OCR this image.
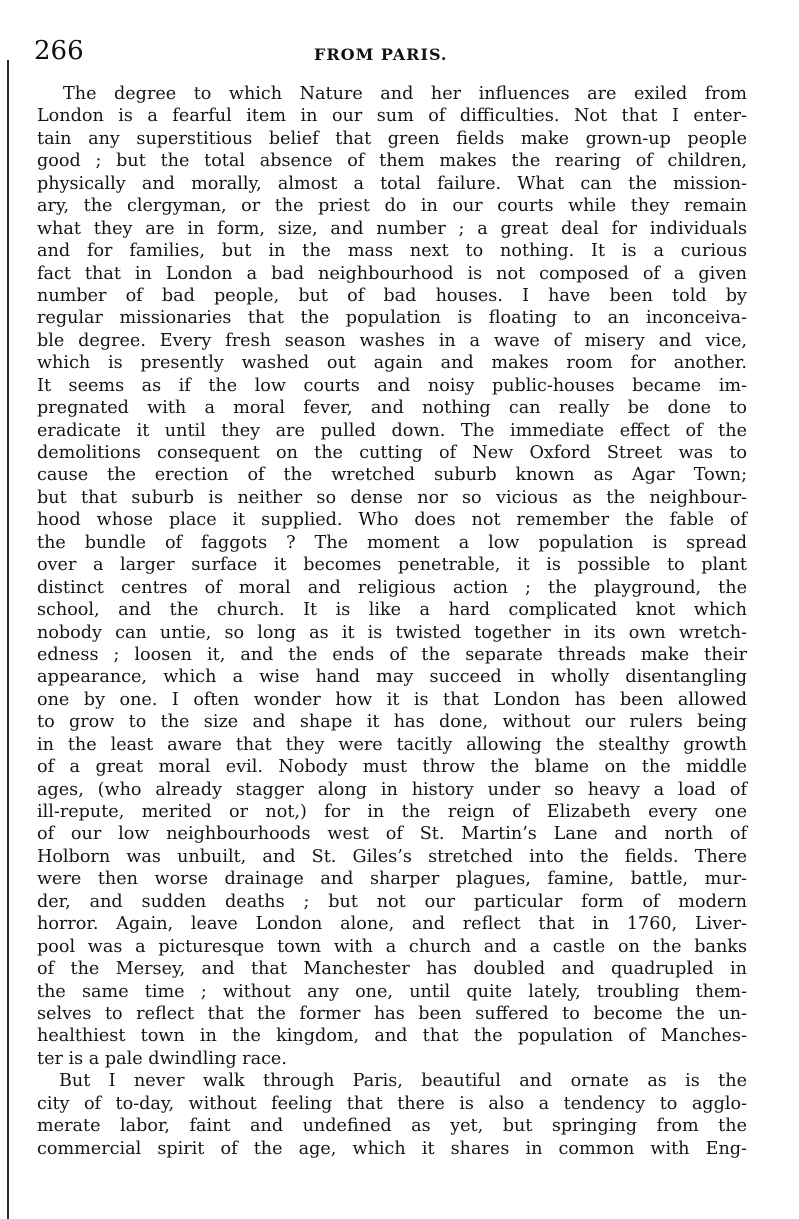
266	FROM PARIS.
The degree to which Nature and her influences are exiled from
London is a fearful item in our sum of difficulties. Not that I enter-
tain any superstitious belief that green fields make grown-up people
good ; but the total absence of them makes the rearing of children,
physically and morally, almost a total failure. What can the mission-
ary, the clergyman, or the priest do in our courts while they remain
what they are in form, size, and number ; a great deal for individuals
and for families, but in the mass next to nothing. It is a curious
fact that in London a bad neighbourhood is not composed of a given
number of bad people, but of bad houses. I have been told by
regular missionaries that the population is floating to an inconceiva-
ble degree. Every fresh season washes in a wave of misery and vice,
which is presently washed out again and makes room for another.
It seems as if the low courts and noisy public-houses became im-
pregnated with a moral fever, and nothing can really be done to
eradicate it until they are pulled down. The immediate effect of the
demolitions consequent on the cutting of New Oxford Street was to
cause the erection of the wretched suburb known as Agar Town;
but that suburb is neither so dense nor so vicious as the neighbour-
hood whose place it supplied. Who does not remember the fable of
the bundle of faggots ? The moment a low population is spread
over a larger surface it becomes penetrable, it is possible to plant
distinct centres of moral and religious action ; the playground, the
school, and the church. It is like a hard complicated knot which
nobody can untie, so long as it is twisted together in its own wretch-
edness ; loosen it, and the ends of the separate threads make their
appearance, which a wise hand may succeed in wholly disentangling
one by one. I often wonder how it is that London has been allowed
to grow to the size and shape it has done, without our rulers being
in the least aware that they were tacitly allowing the stealthy growth
of a great moral evil. Nobody must throw the blame on the middle
ages, (who already stagger along in history under so heavy a load of
ill-repute, merited or not,) for in the reign of Elizabeth every one
of our low neighbourhoods west of St. Martin’s Lane and north of
Holborn was unbuilt, and St. Giles’s stretched into the fields. There
were then worse drainage and sharper plagues, famine, battle, mur-
der, and sudden deaths ; but not our particular form of modern
horror. Again, leave London alone, and reflect that in 1760, Liver-
pool was a picturesque town with a church and a castle on the banks
of the Mersey, and that Manchester has doubled and quadrupled in
the same time ; without any one, until quite lately, troubling them-
selves to reflect that the former has been suffered to become the un-
healthiest town in the kingdom, and that the population of Manches-
ter is a pale dwindling race.
But I never walk through Paris, beautiful and ornate as is the
city of to-day, without feeling that there is also a tendency to agglo-
merate labor, faint and undefined as yet, but springing from the
commercial spirit of the age, which it shares in common with Eng-
